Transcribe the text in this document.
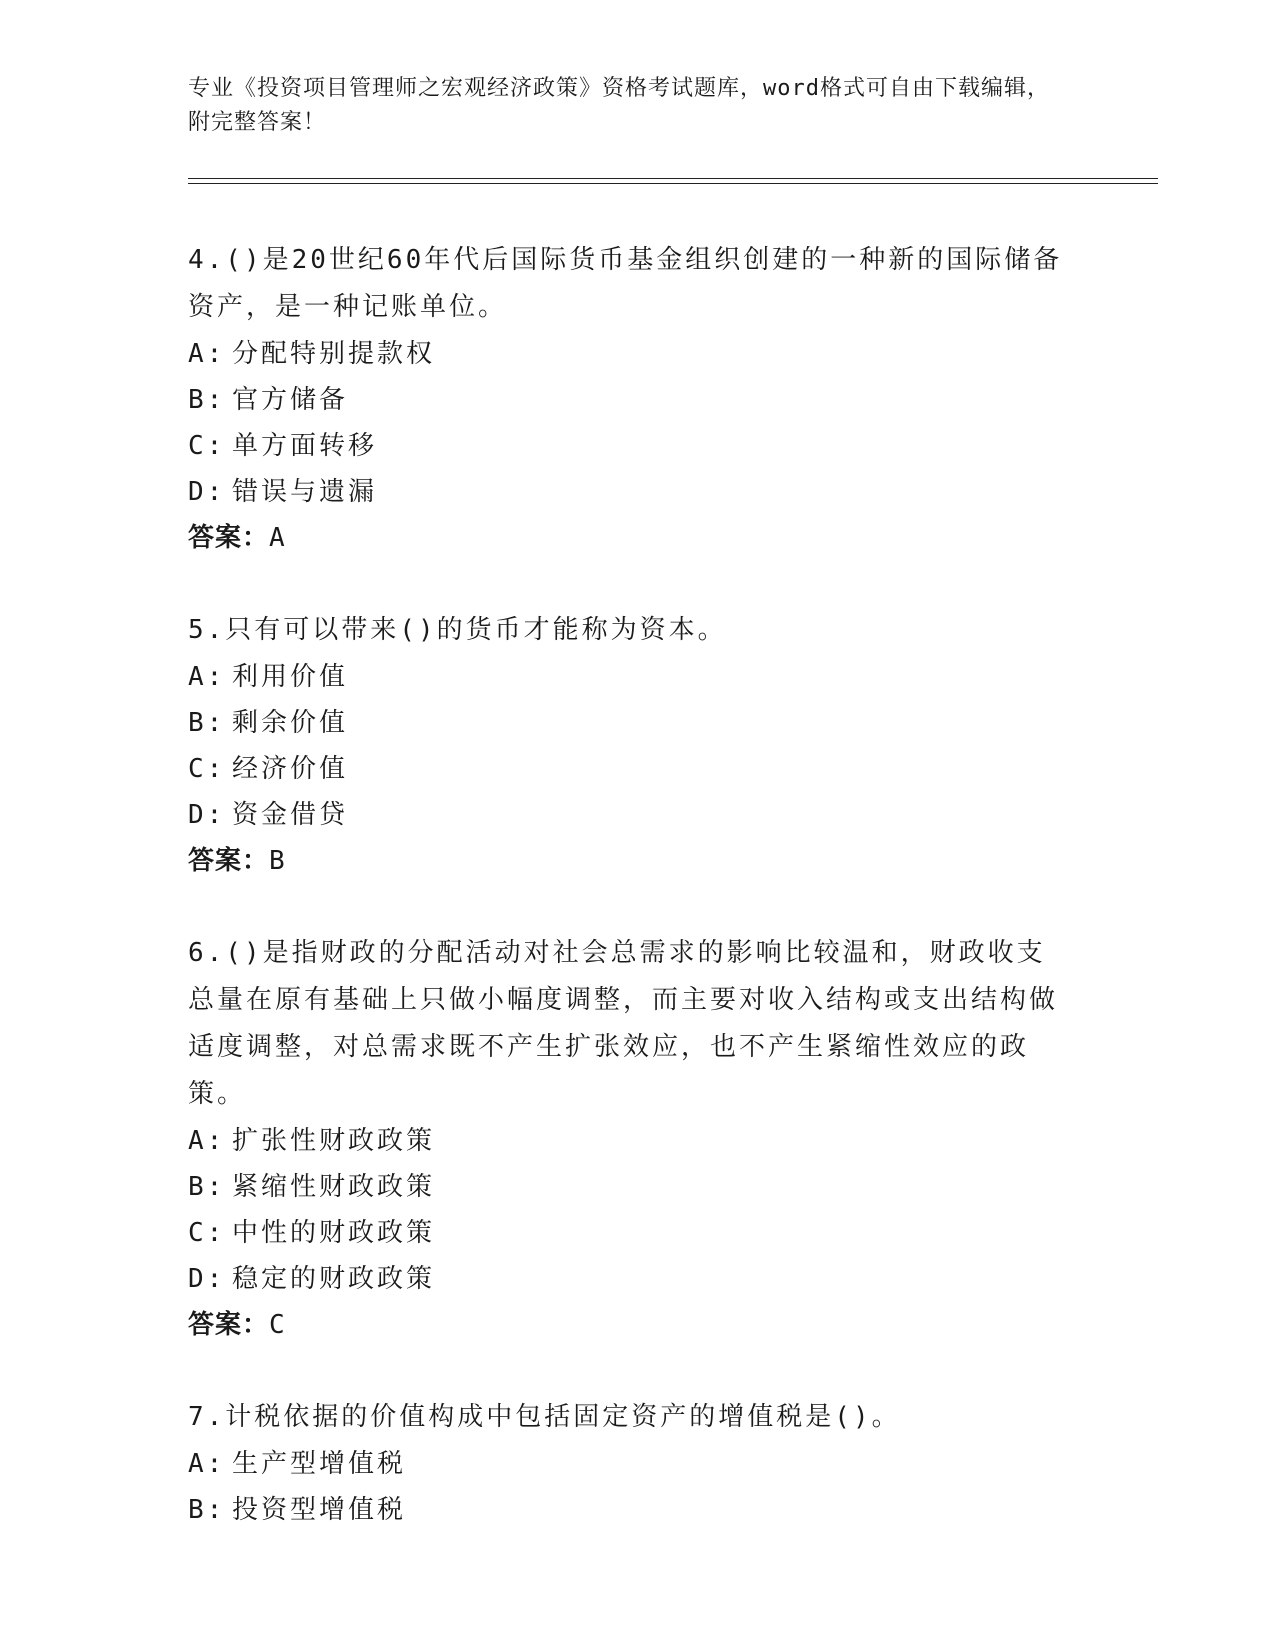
专业《投资项目管理师之宏观经济政策》资格考试题库，word格式可自由下载编辑，附完整答案！

4.()是20世纪60年代后国际货币基金组织创建的一种新的国际储备资产，是一种记账单位。

A: 分配特别提款权

B: 官方储备

C: 单方面转移

D: 错误与遗漏

答案：A

5.只有可以带来()的货币才能称为资本。

A: 利用价值

B: 剩余价值

C: 经济价值

D: 资金借贷

答案：B

6.()是指财政的分配活动对社会总需求的影响比较温和，财政收支总量在原有基础上只做小幅度调整，而主要对收入结构或支出结构做适度调整，对总需求既不产生扩张效应，也不产生紧缩性效应的政策。

A: 扩张性财政政策

B: 紧缩性财政政策

C: 中性的财政政策

D: 稳定的财政政策

答案：C

7.计税依据的价值构成中包括固定资产的增值税是()。

A: 生产型增值税

B: 投资型增值税
